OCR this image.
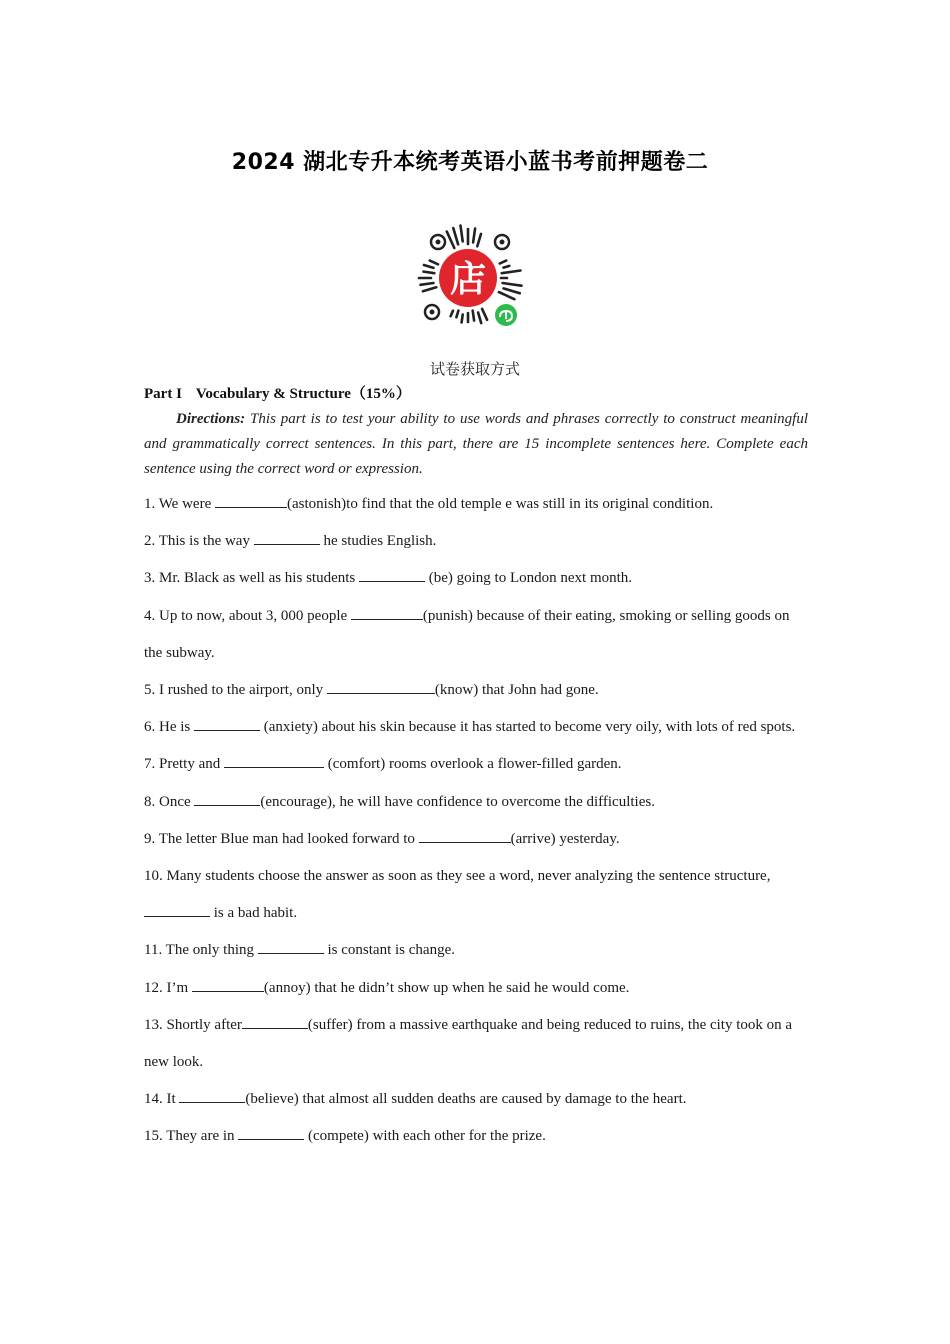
2024 湖北专升本统考英语小蓝书考前押题卷二
店
试卷获取方式

Part I Vocabulary & Structure（15%）

Directions: This part is to test your ability to use words and phrases correctly to construct meaningful and grammatically correct sentences. In this part, there are 15 incomplete sentences here. Complete each sentence using the correct word or expression.

1. We were	(astonish)to find that the old temple e was still in its original condition.
2. This is the way	he studies English.
3. Mr. Black as well as his students	(be) going to London next month.
4. Up to now, about 3, 000 people	(punish) because of their eating, smoking or selling goods on the subway.
5. I rushed to the airport, only	(know) that John had gone.
6. He is	(anxiety) about his skin because it has started to become very oily, with lots of red spots.
7. Pretty and	(comfort) rooms overlook a flower-filled garden.
8. Once	(encourage), he will have confidence to overcome the difficulties.
9. The letter Blue man had looked forward to	(arrive) yesterday.
10. Many students choose the answer as soon as they see a word, never analyzing the sentence structure,  is a bad habit.
11. The only thing	is constant is change.
12. I’m	(annoy) that he didn’t show up when he said he would come.
13. Shortly after	(suffer) from a massive earthquake and being reduced to ruins, the city took on a new look.
14. It	(believe) that almost all sudden deaths are caused by damage to the heart.
15. They are in	(compete) with each other for the prize.
